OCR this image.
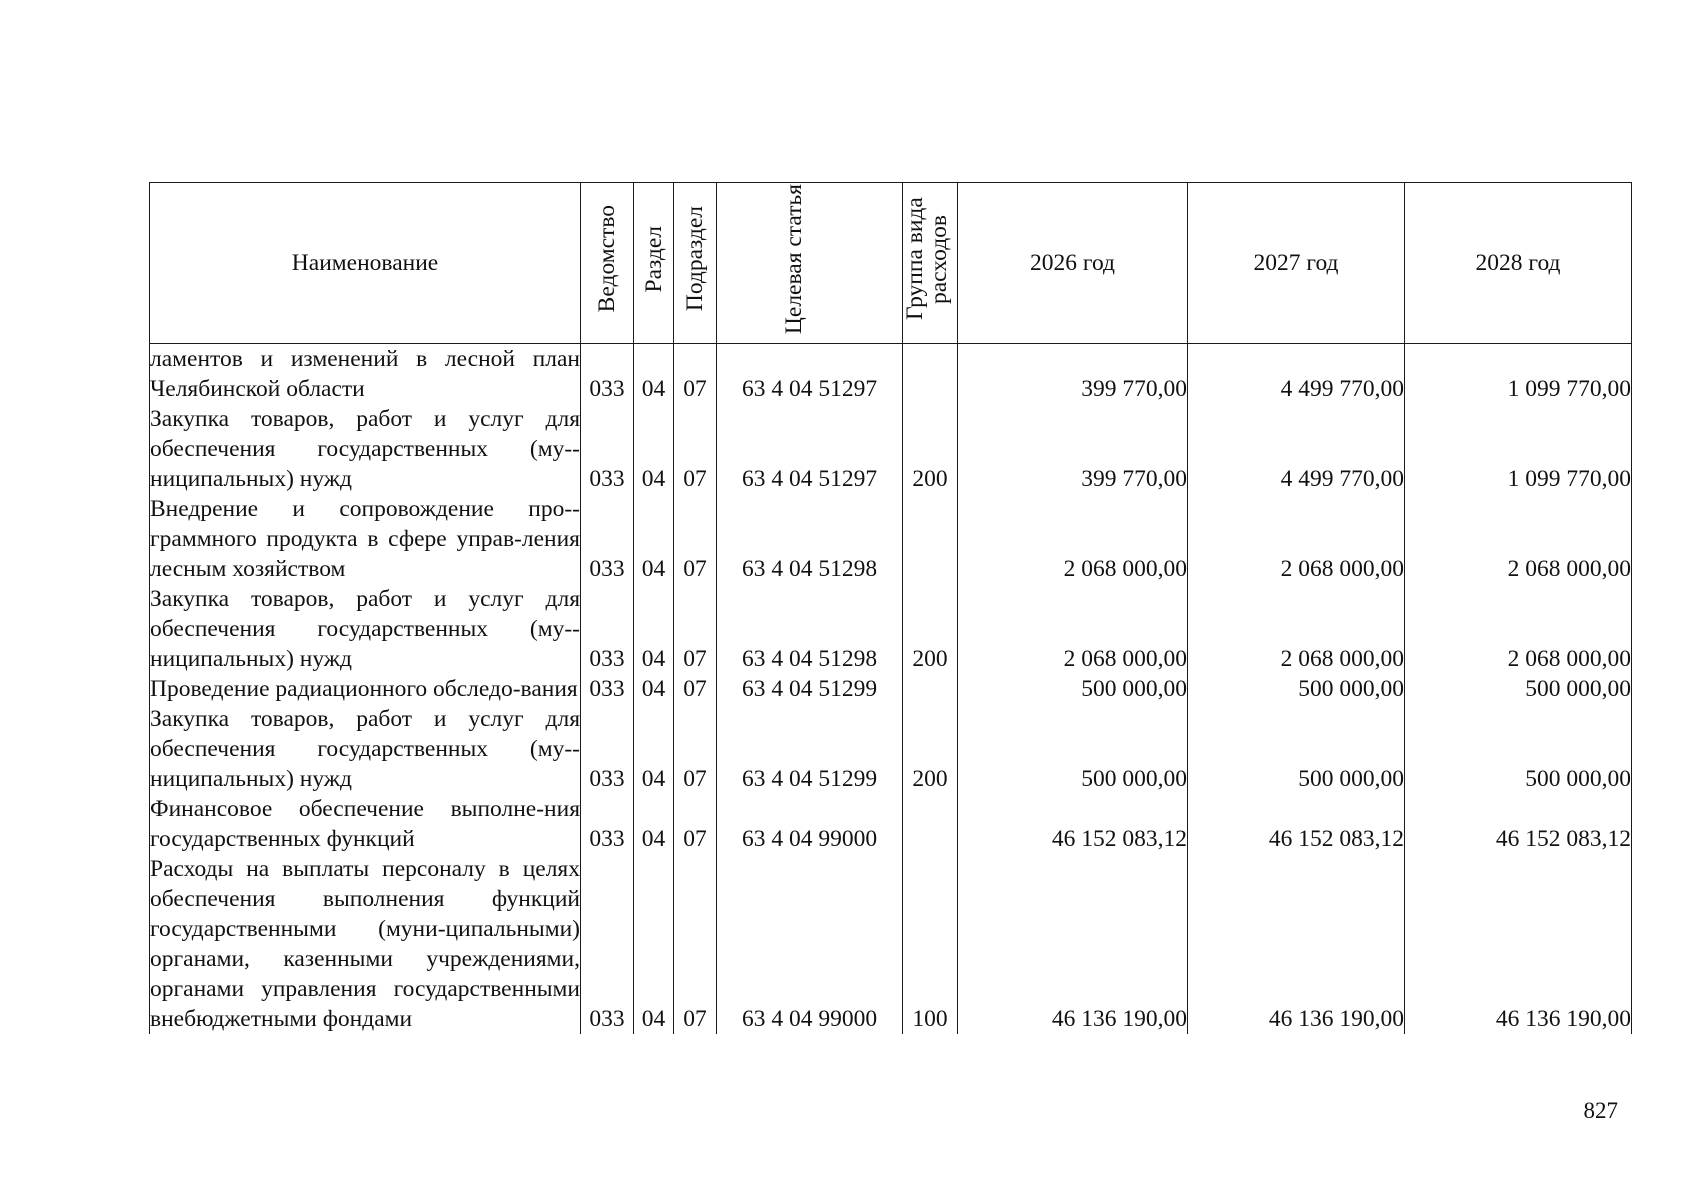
Наименование	Ведомство	Раздел	Подраздел	Целевая статья	Группа вида расходов	2026 год	2027 год	2028 год
ламентов и изменений в лесной план Челябинской области	033	04	07	63 4 04 51297		399 770,00	4 499 770,00	1 099 770,00
Закупка товаров, работ и услуг для обеспечения государственных (му-ниципальных) нужд	033	04	07	63 4 04 51297	200	399 770,00	4 499 770,00	1 099 770,00
Внедрение и сопровождение про-граммного продукта в сфере управ-ления лесным хозяйством	033	04	07	63 4 04 51298		2 068 000,00	2 068 000,00	2 068 000,00
Закупка товаров, работ и услуг для обеспечения государственных (му-ниципальных) нужд	033	04	07	63 4 04 51298	200	2 068 000,00	2 068 000,00	2 068 000,00
Проведение радиационного обследо-вания	033	04	07	63 4 04 51299		500 000,00	500 000,00	500 000,00
Закупка товаров, работ и услуг для обеспечения государственных (му-ниципальных) нужд	033	04	07	63 4 04 51299	200	500 000,00	500 000,00	500 000,00
Финансовое обеспечение выполне-ния государственных функций	033	04	07	63 4 04 99000		46 152 083,12	46 152 083,12	46 152 083,12
Расходы на выплаты персоналу в целях обеспечения выполнения функций государственными (муни-ципальными) органами, казенными учреждениями, органами управления государственными внебюджетными фондами	033	04	07	63 4 04 99000	100	46 136 190,00	46 136 190,00	46 136 190,00
827
